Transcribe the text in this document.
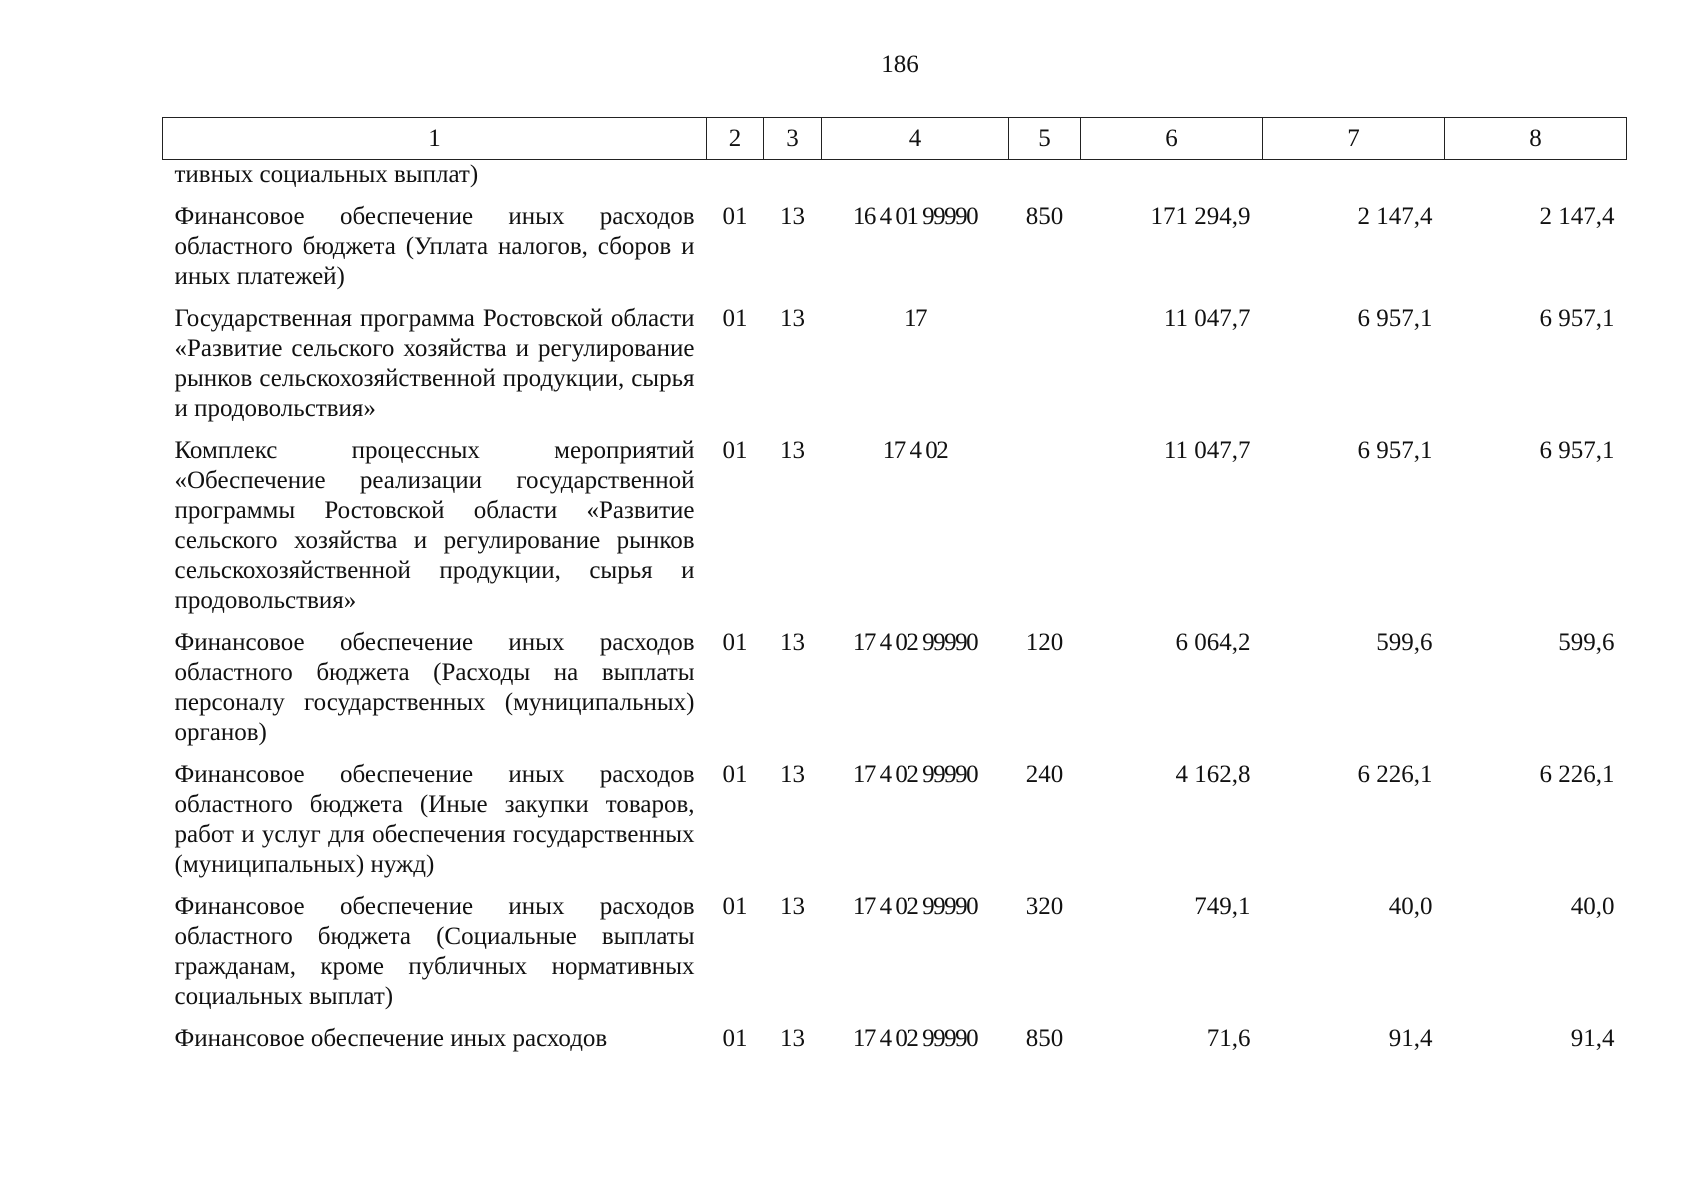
186
1	2	3	4	5	6	7	8
тивных социальных выплат)							
Финансовое обеспечение иных расходов областного бюджета (Уплата налогов, сборов и иных платежей)	01	13	16 4 01 99990	850	171 294,9	2 147,4	2 147,4
Государственная программа Ростовской области «Развитие сельского хозяйства и регулирование рынков сельскохозяйственной продукции, сырья и продовольствия»	01	13	17		11 047,7	6 957,1	6 957,1
Комплекс процессных мероприятий «Обеспечение реализации государственной программы Ростовской области «Развитие сельского хозяйства и регулирование рынков сельскохозяйственной продукции, сырья и продовольствия»	01	13	17 4 02		11 047,7	6 957,1	6 957,1
Финансовое обеспечение иных расходов областного бюджета (Расходы на выплаты персоналу государственных (муниципальных) органов)	01	13	17 4 02 99990	120	6 064,2	599,6	599,6
Финансовое обеспечение иных расходов областного бюджета (Иные закупки товаров, работ и услуг для обеспечения государственных (муниципальных) нужд)	01	13	17 4 02 99990	240	4 162,8	6 226,1	6 226,1
Финансовое обеспечение иных расходов областного бюджета (Социальные выплаты гражданам, кроме публичных нормативных социальных выплат)	01	13	17 4 02 99990	320	749,1	40,0	40,0
Финансовое обеспечение иных расходов	01	13	17 4 02 99990	850	71,6	91,4	91,4
